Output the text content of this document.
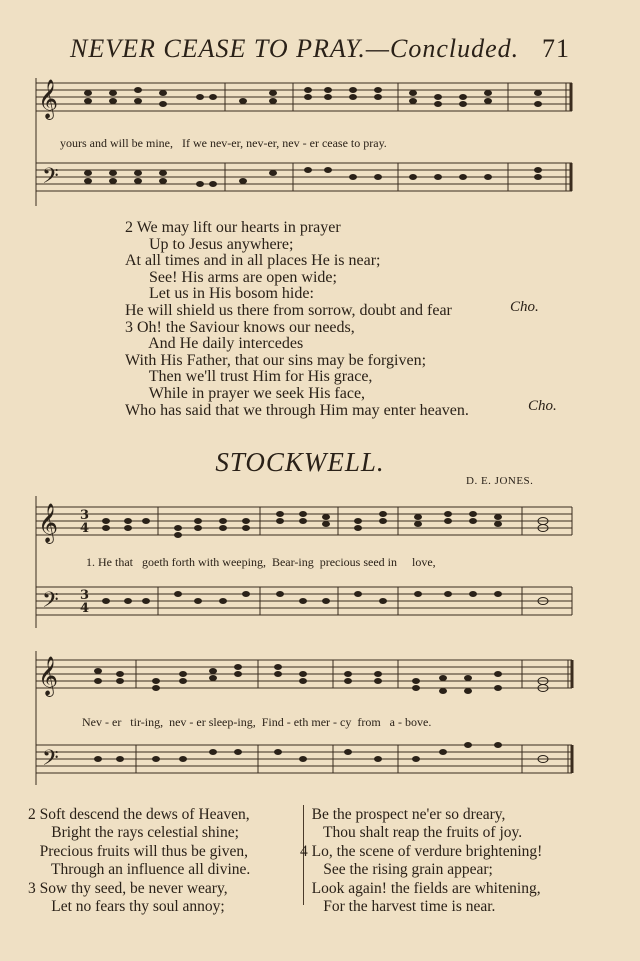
NEVER CEASE TO PRAY.—Concluded. 71
𝄞
𝄢
yours and will be mine,   If we nev-er, nev-er, nev - er cease to pray.
2 We may lift our hearts in prayer
Up to Jesus anywhere;
At all times and in all places He is near;
See! His arms are open wide;
Let us in His bosom hide:
He will shield us there from sorrow, doubt and fear
3 Oh! the Saviour knows our needs,
And He daily intercedes
With His Father, that our sins may be forgiven;
Then we'll trust Him for His grace,
While in prayer we seek His face,
Who has said that we through Him may enter heaven.
Cho.
Cho.
STOCKWELL.
D. E. JONES.
𝄞
𝄢
3
4
3
4
1. He that   goeth forth with weeping,  Bear-ing  precious seed in     love,
𝄞
𝄢
Nev - er   tir-ing,  nev - er sleep-ing,  Find - eth mer - cy  from   a - bove.
2 Soft descend the dews of Heaven,
Bright the rays celestial shine;
Precious fruits will thus be given,
Through an influence all divine.
3 Sow thy seed, be never weary,
Let no fears thy soul annoy;
Be the prospect ne'er so dreary,
Thou shalt reap the fruits of joy.
4 Lo, the scene of verdure brightening!
See the rising grain appear;
Look again! the fields are whitening,
For the harvest time is near.
